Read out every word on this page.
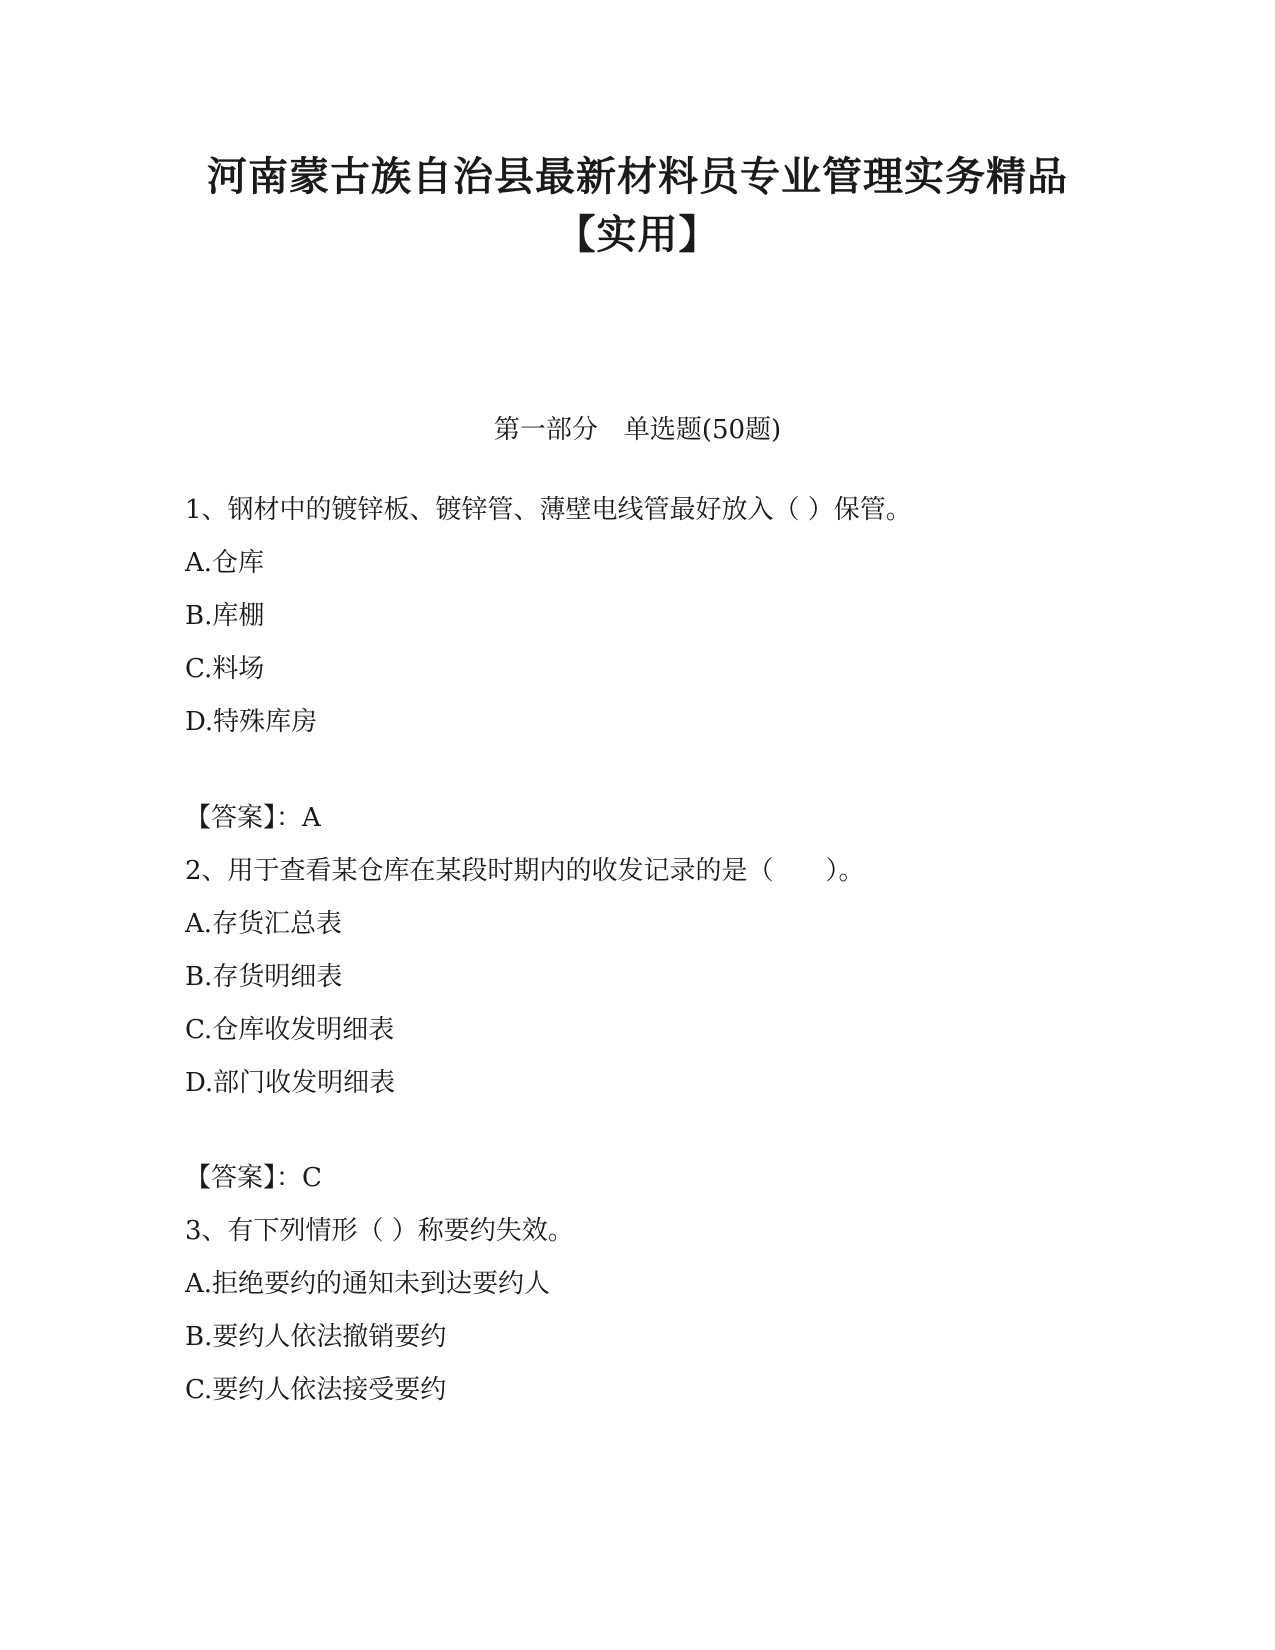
河南蒙古族自治县最新材料员专业管理实务精品
【实用】
第一部分　单选题(50题)
1、钢材中的镀锌板、镀锌管、薄壁电线管最好放入（ ）保管。
A.仓库
B.库棚
C.料场
D.特殊库房
【答案】：A
2、用于查看某仓库在某段时期内的收发记录的是（　　）。
A.存货汇总表
B.存货明细表
C.仓库收发明细表
D.部门收发明细表
【答案】：C
3、有下列情形（ ）称要约失效。
A.拒绝要约的通知未到达要约人
B.要约人依法撤销要约
C.要约人依法接受要约
